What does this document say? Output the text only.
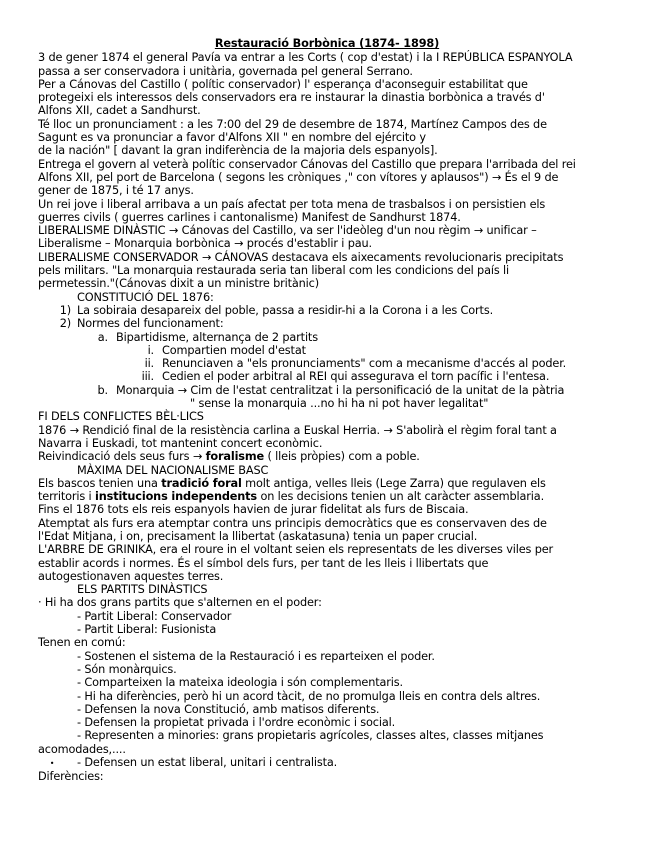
Restauració Borbònica (1874- 1898)
3 de gener 1874 el general Pavía va entrar a les Corts ( cop d'estat) i la I REPÚBLICA ESPANYOLA
passa a ser conservadora i unitària, governada pel general Serrano.
Per a Cánovas del Castillo ( polític conservador) l' esperança d'aconseguir estabilitat que
protegeixi els interessos dels conservadors era re instaurar la dinastia borbònica a través d'
Alfons XII, cadet a Sandhurst.
Té lloc un pronunciament : a les 7:00 del 29 de desembre de 1874, Martínez Campos des de
Sagunt es va pronunciar a favor d'Alfons XII " en nombre del ejército y
de la nación" [ davant la gran indiferència de la majoria dels espanyols].
Entrega el govern al veterà polític conservador Cánovas del Castillo que prepara l'arribada del rei
Alfons XII, pel port de Barcelona ( segons les cròniques ," con vítores y aplausos") → És el 9 de
gener de 1875, i té 17 anys.
Un rei jove i liberal arribava a un país afectat per tota mena de trasbalsos i on persistien els
guerres civils ( guerres carlines i cantonalisme) Manifest de Sandhurst 1874.
LIBERALISME DINÀSTIC → Cánovas del Castillo, va ser l'ideòleg d'un nou règim → unificar –
Liberalisme – Monarquia borbònica → procés d'establir i pau.
LIBERALISME CONSERVADOR → CÁNOVAS destacava els aixecaments revolucionaris precipitats
pels militars. "La monarquia restaurada seria tan liberal com les condicions del país li
permetessin."(Cánovas dixit a un ministre britànic)
CONSTITUCIÓ DEL 1876:
1) La sobiraia desapareix del poble, passa a residir-hi a la Corona i a les Corts.
2) Normes del funcionament:
a. Bipartidisme, alternança de 2 partits
i. Compartien model d'estat
ii. Renunciaven a "els pronunciaments" com a mecanisme d'accés al poder.
iii. Cedien el poder arbitral al REI qui assegurava el torn pacífic i l'entesa.
b. Monarquia → Cim de l'estat centralitzat i la personificació de la unitat de la pàtria
" sense la monarquia ...no hi ha ni pot haver legalitat"
FI DELS CONFLICTES BÈL·LICS
1876 → Rendició final de la resistència carlina a Euskal Herria. → S'abolirà el règim foral tant a
Navarra i Euskadi, tot mantenint concert econòmic.
Reivindicació dels seus furs → foralisme ( lleis pròpies) com a poble.
MÀXIMA DEL NACIONALISME BASC
Els bascos tenien una tradició foral molt antiga, velles lleis (Lege Zarra) que regulaven els
territoris i institucions independents on les decisions tenien un alt caràcter assemblaria.
Fins el 1876 tots els reis espanyols havien de jurar fidelitat als furs de Biscaia.
Atemptat als furs era atemptar contra uns principis democràtics que es conservaven des de
l'Edat Mitjana, i on, precisament la llibertat (askatasuna) tenia un paper crucial.
L'ARBRE DE GRINIKA, era el roure in el voltant seien els representats de les diverses viles per
establir acords i normes. És el símbol dels furs, per tant de les lleis i llibertats que
autogestionaven aquestes terres.
ELS PARTITS DINÀSTICS
· Hi ha dos grans partits que s'alternen en el poder:
- Partit Liberal: Conservador
- Partit Liberal: Fusionista
Tenen en comú:
- Sostenen el sistema de la Restauració i es reparteixen el poder.
- Són monàrquics.
- Comparteixen la mateixa ideologia i són complementaris.
- Hi ha diferències, però hi un acord tàcit, de no promulga lleis en contra dels altres.
- Defensen la nova Constitució, amb matisos diferents.
- Defensen la propietat privada i l'ordre econòmic i social.
- Representen a minories: grans propietaris agrícoles, classes altes, classes mitjanes
acomodades,....
• - Defensen un estat liberal, unitari i centralista.
Diferències:
